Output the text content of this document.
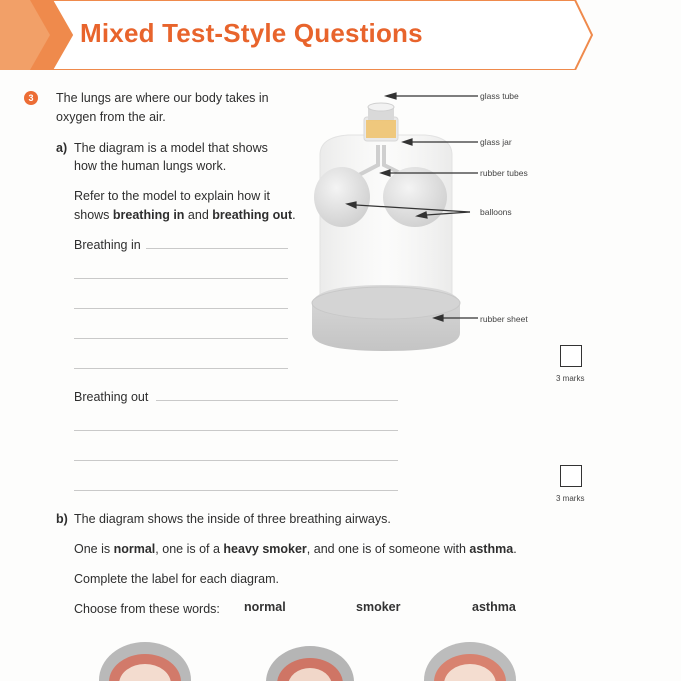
Mixed Test-Style Questions
3	The lungs are where our body takes in
oxygen from the air.
a) The diagram is a model that shows
how the human lungs work.
Refer to the model to explain how it
shows breathing in and breathing out.
Breathing in
3 marks
Breathing out
3 marks
glass tube
glass jar
rubber tubes
balloons
rubber sheet
b) The diagram shows the inside of three breathing airways.
One is normal, one is of a heavy smoker, and one is of someone with asthma.
Complete the label for each diagram.
Choose from these words: normal	smoker	asthma
